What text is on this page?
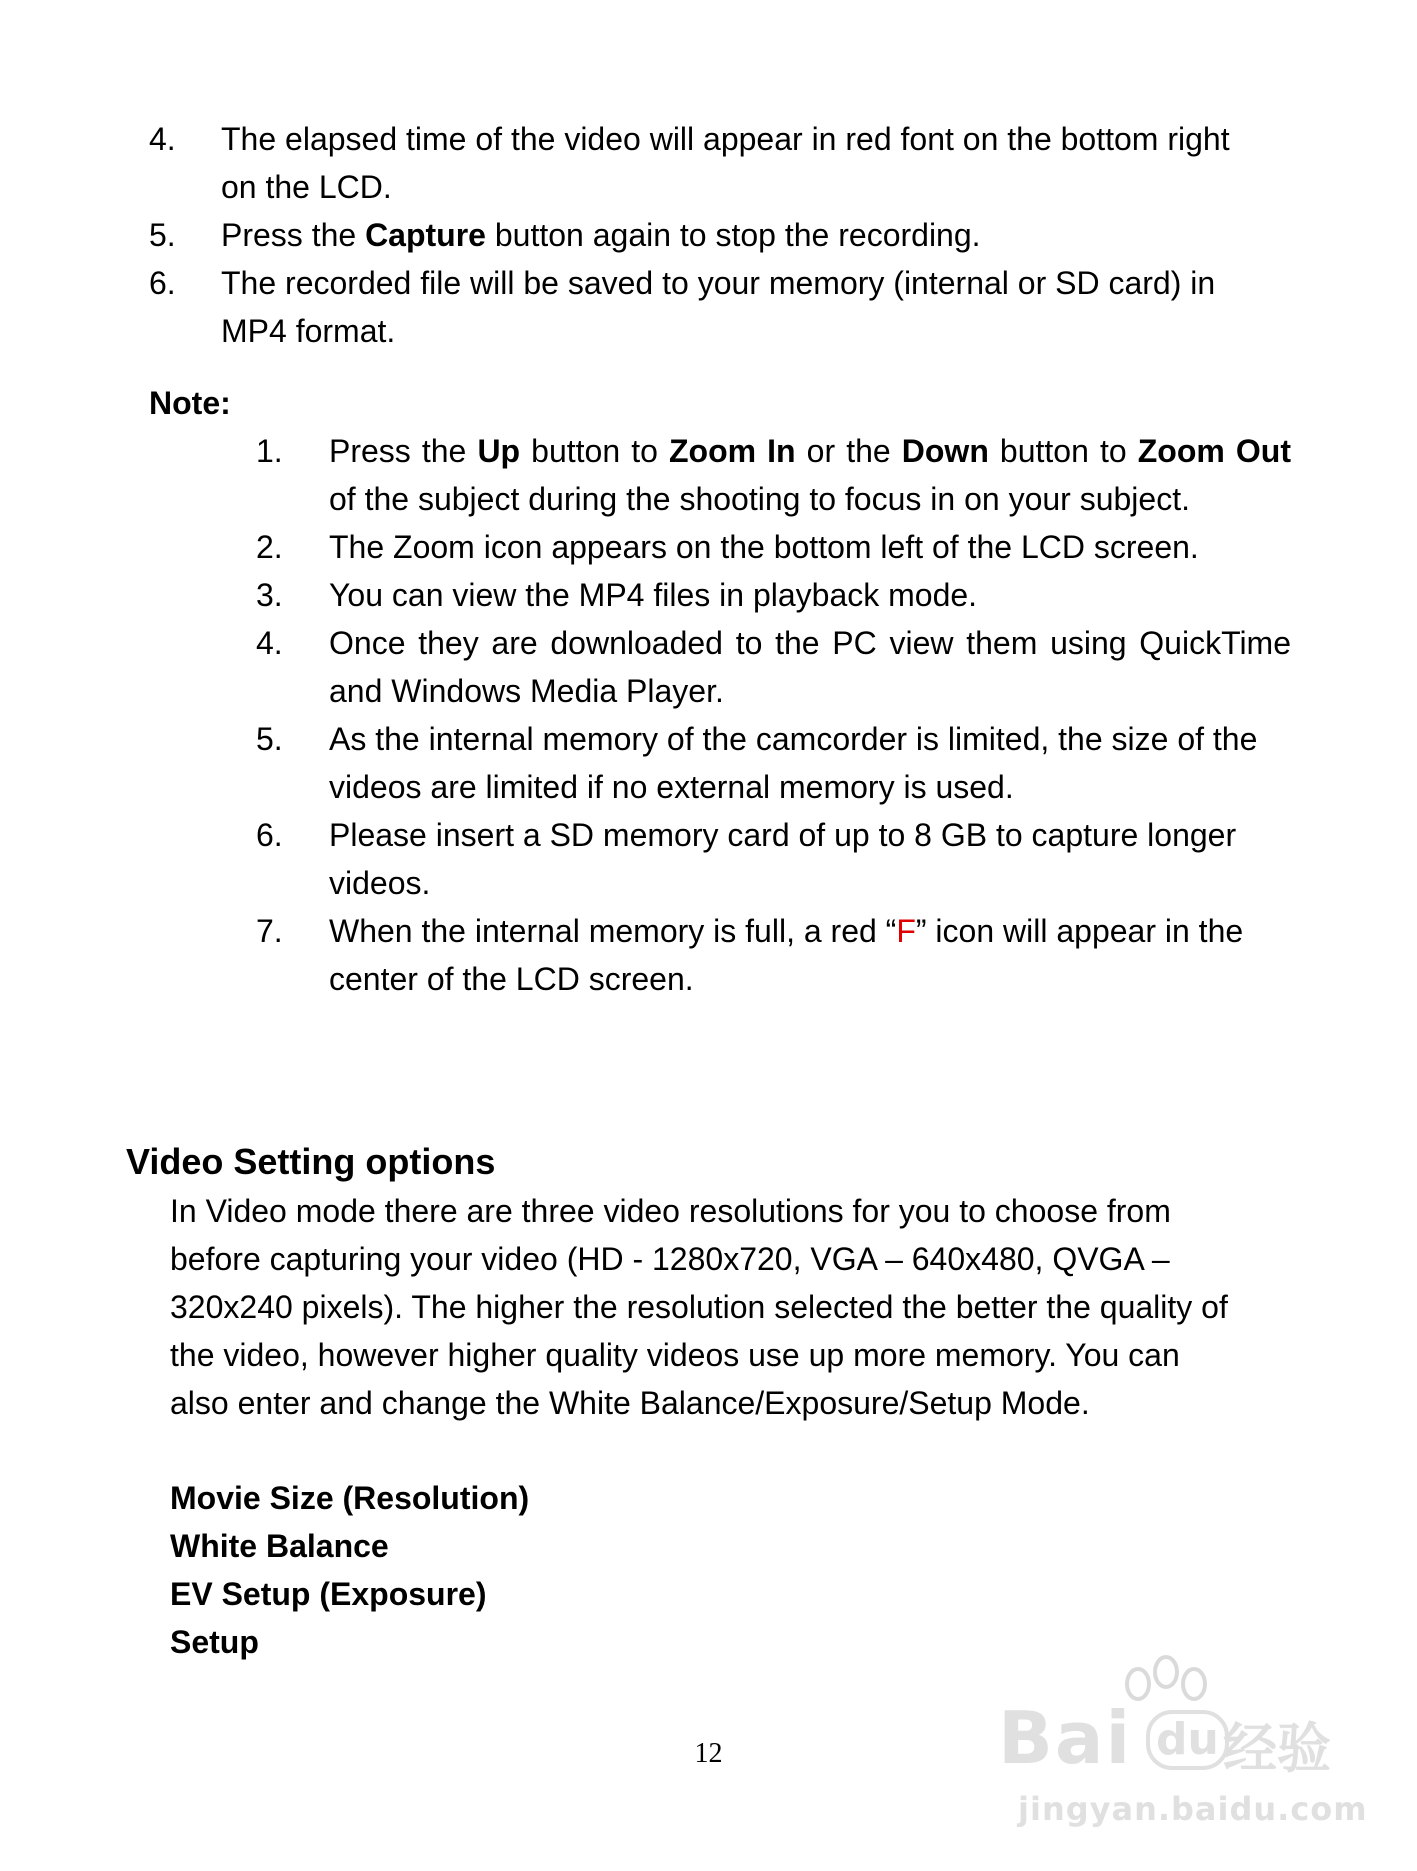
4. The elapsed time of the video will appear in red font on the bottom right
on the LCD.
5. Press the Capture button again to stop the recording.
6. The recorded file will be saved to your memory (internal or SD card) in
MP4 format.
Note:
1. Press the Up button to Zoom In or the Down button to Zoom Out
of the subject during the shooting to focus in on your subject.
2. The Zoom icon appears on the bottom left of the LCD screen.
3. You can view the MP4 files in playback mode.
4. Once they are downloaded to the PC view them using QuickTime
and Windows Media Player.
5. As the internal memory of the camcorder is limited, the size of the
videos are limited if no external memory is used.
6. Please insert a SD memory card of up to 8 GB to capture longer
videos.
7. When the internal memory is full, a red “F” icon will appear in the
center of the LCD screen.
Video Setting options
In Video mode there are three video resolutions for you to choose from
before capturing your video (HD - 1280x720, VGA – 640x480, QVGA –
320x240 pixels). The higher the resolution selected the better the quality of
the video, however higher quality videos use up more memory. You can
also enter and change the White Balance/Exposure/Setup Mode.
Movie Size (Resolution)
White Balance
EV Setup (Exposure)
Setup
12	Bai du 经验
jingyan.baidu.com
